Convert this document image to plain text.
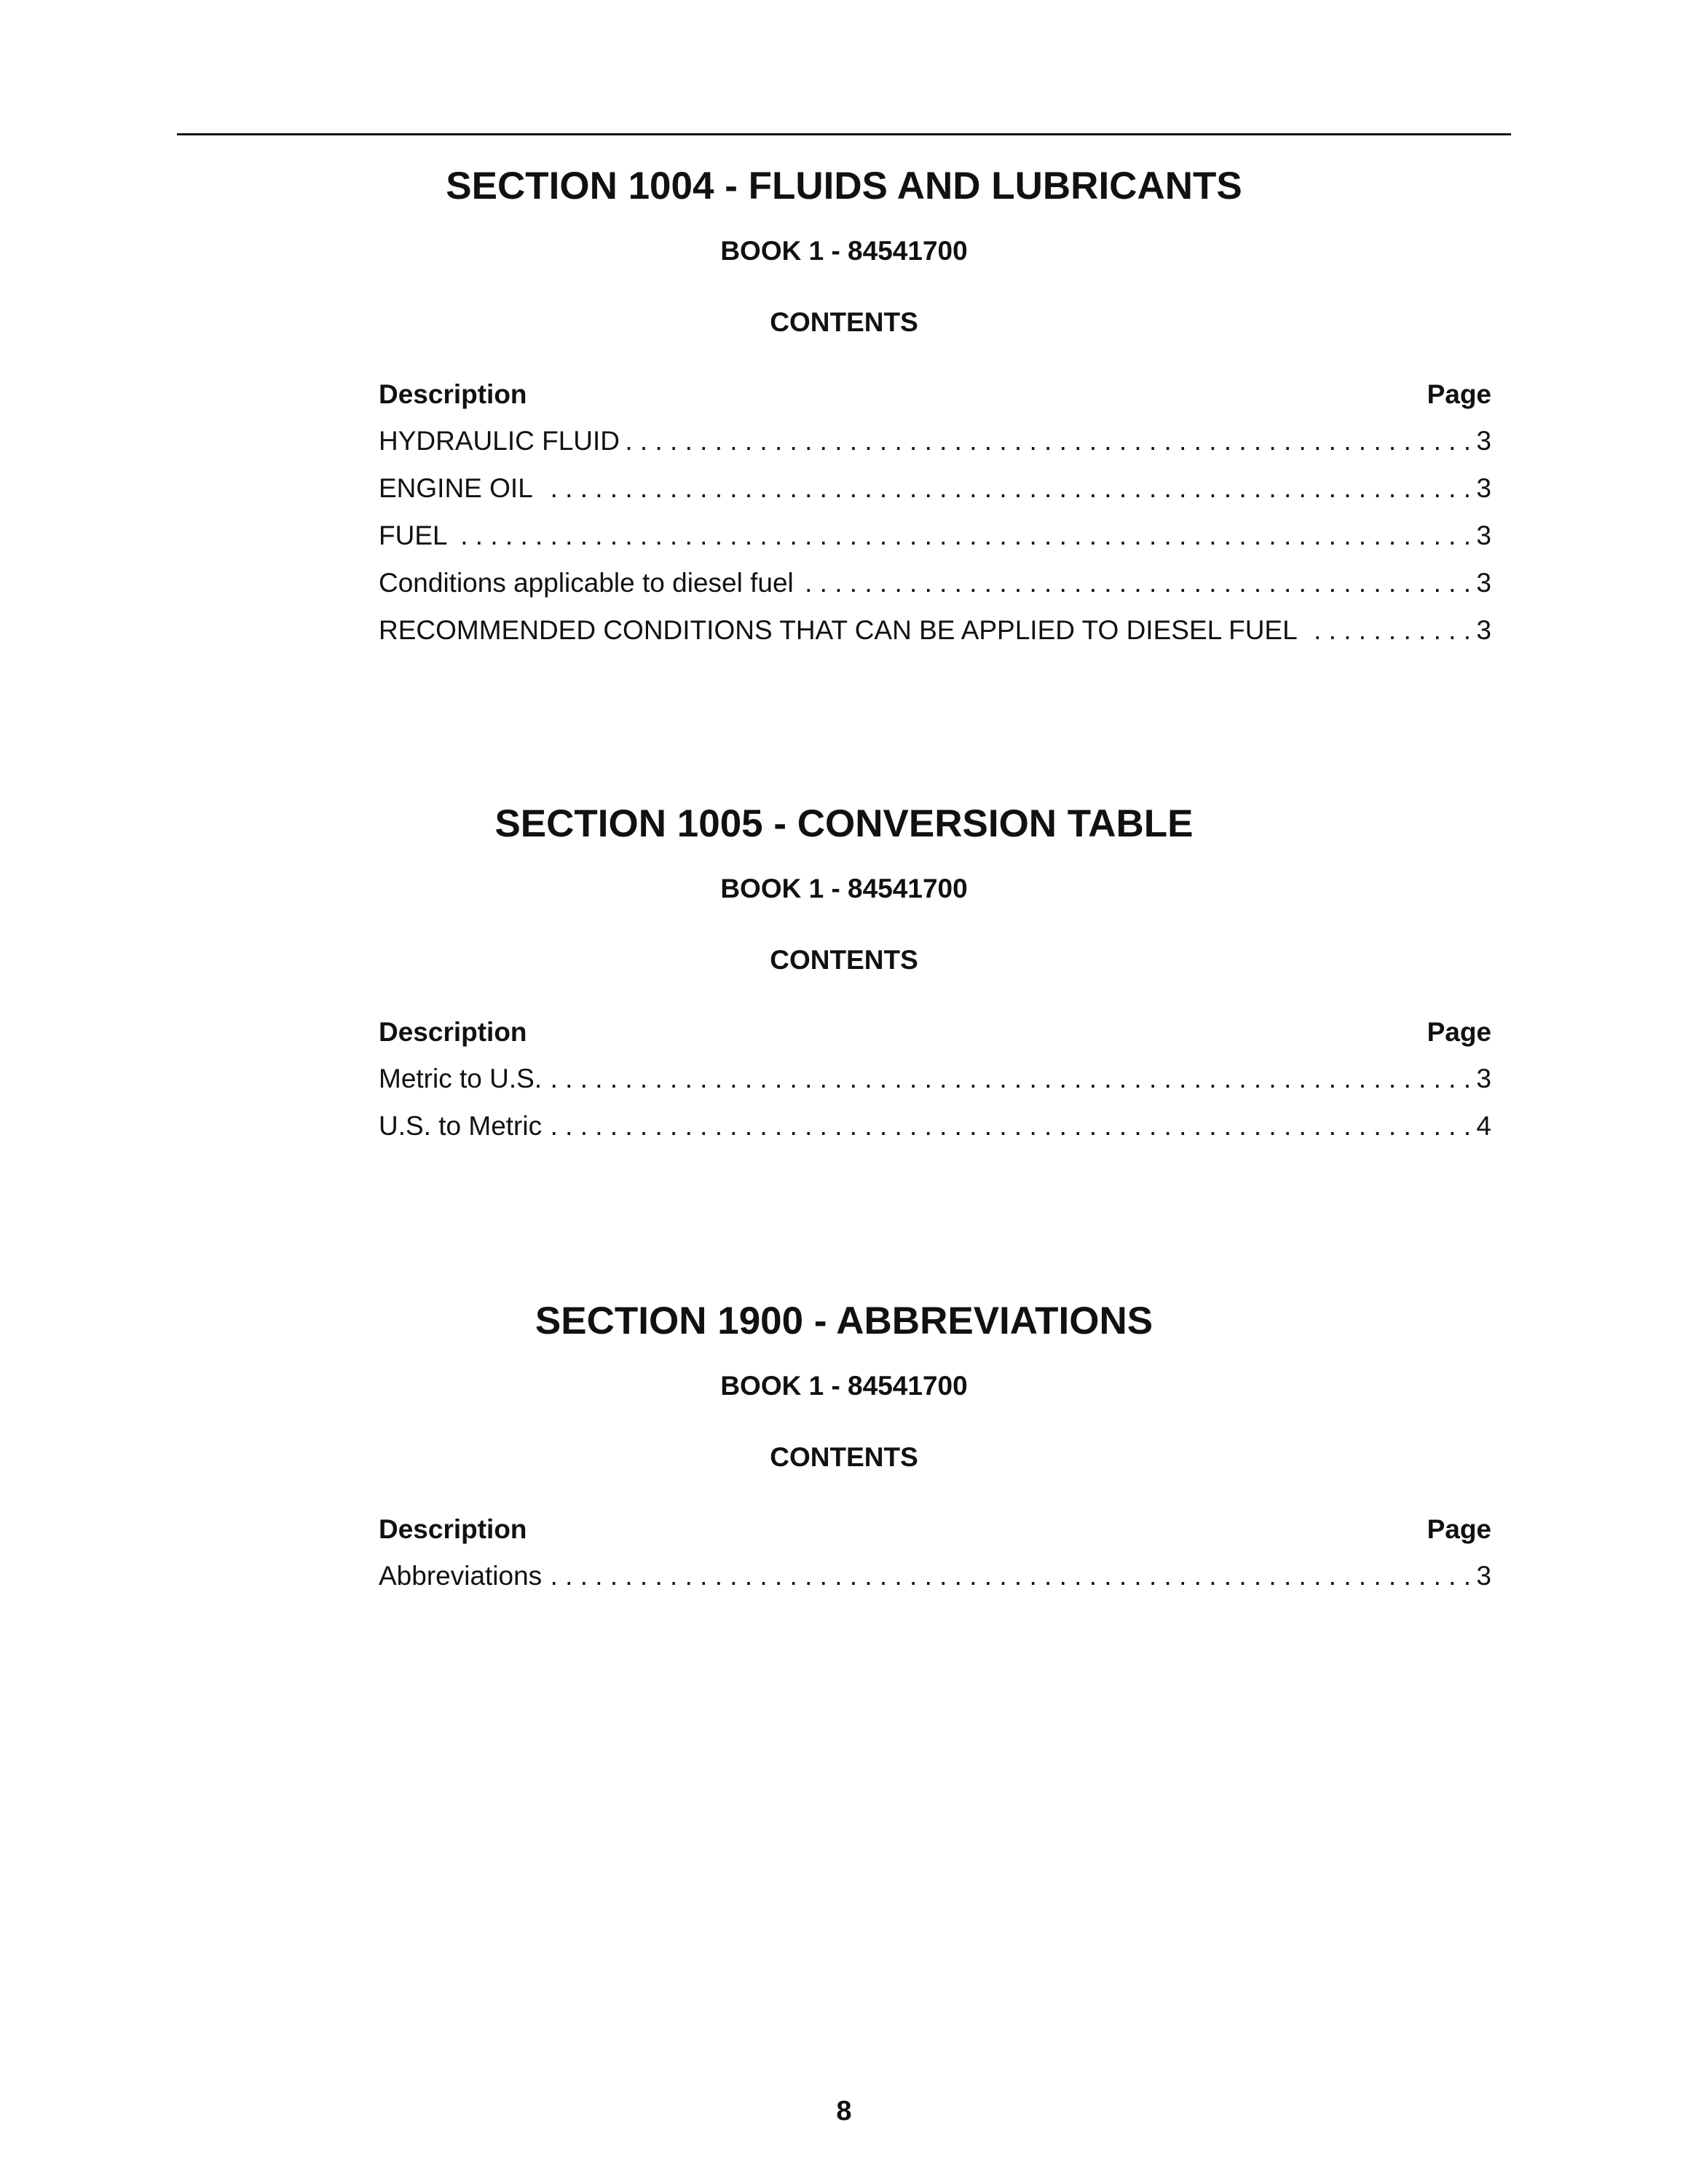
SECTION 1004 - FLUIDS AND LUBRICANTS
BOOK 1 - 84541700
CONTENTS
Description	Page
HYDRAULIC FLUID . . .	3
ENGINE OIL . . .	3
FUEL . . .	3
Conditions applicable to diesel fuel . . .	3
RECOMMENDED CONDITIONS THAT CAN BE APPLIED TO DIESEL FUEL . . .	3
SECTION 1005 - CONVERSION TABLE
BOOK 1 - 84541700
CONTENTS
Description	Page
Metric to U.S. . . .	3
U.S. to Metric . . .	4
SECTION 1900 - ABBREVIATIONS
BOOK 1 - 84541700
CONTENTS
Description	Page
Abbreviations . . .	3
8
